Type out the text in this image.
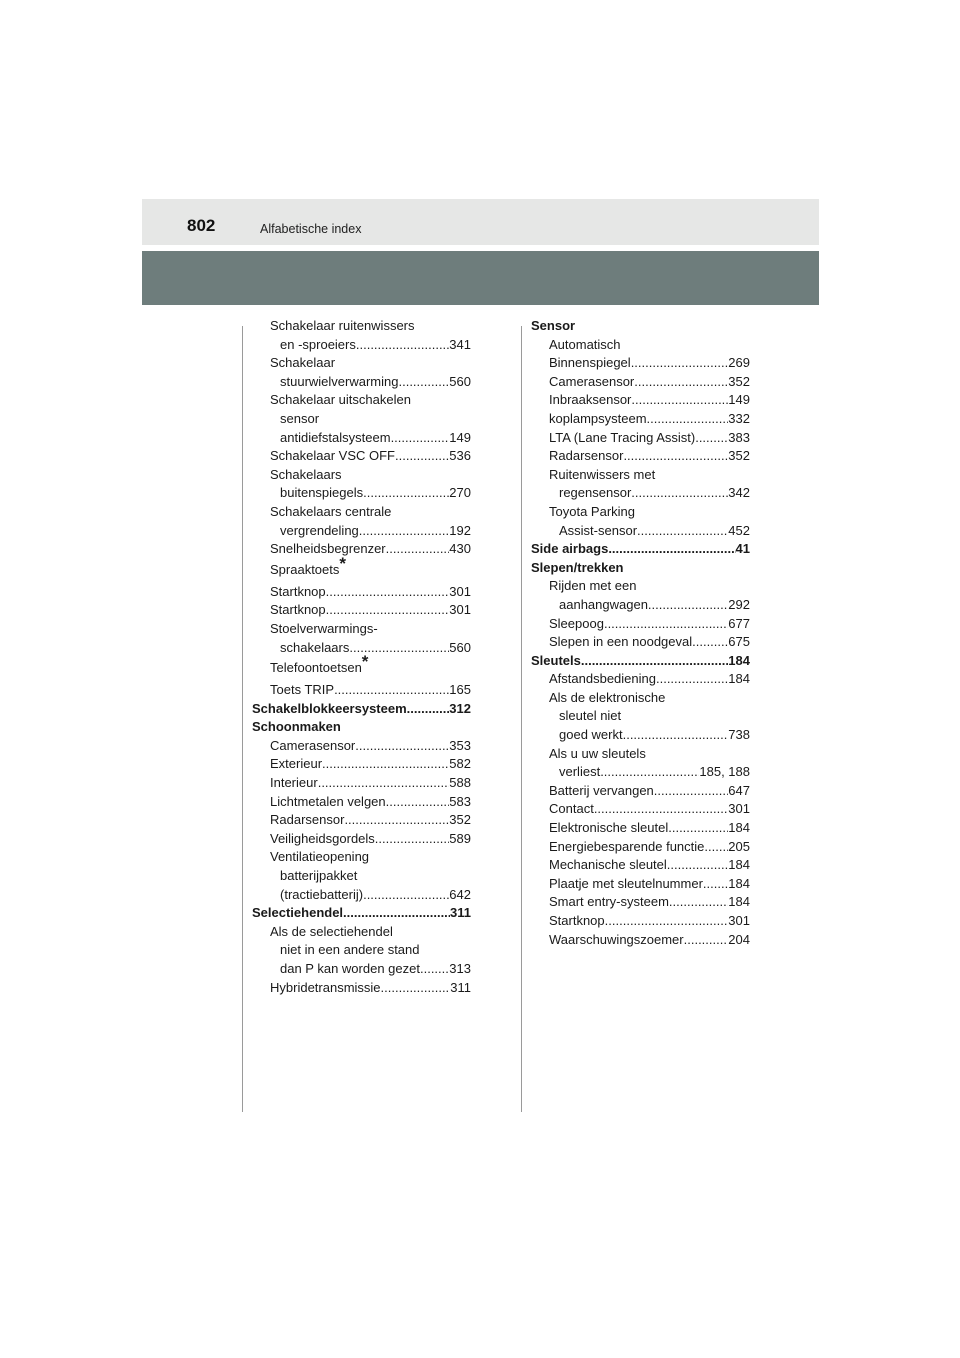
802	Alfabetische index
Schakelaar ruitenwissers
en -sproeiers .....	341
Schakelaar
stuurwielverwarming .....	560
Schakelaar uitschakelen
sensor
antidiefstalsysteem .....	149
Schakelaar VSC OFF .....	536
Schakelaars
buitenspiegels .....	270
Schakelaars centrale
vergrendeling .....	192
Snelheidsbegrenzer .....	430
Spraaktoets*
Startknop .....	301
Startknop .....	301
Stoelverwarmings-
schakelaars .....	560
Telefoontoetsen*
Toets TRIP .....	165
Schakelblokkeersysteem .....	312
Schoonmaken
Camerasensor .....	353
Exterieur .....	582
Interieur .....	588
Lichtmetalen velgen .....	583
Radarsensor .....	352
Veiligheidsgordels .....	589
Ventilatieopening
batterijpakket
(tractiebatterij) .....	642
Selectiehendel .....	311
Als de selectiehendel
niet in een andere stand
dan P kan worden gezet ..... 313
Hybridetransmissie .....	311
Sensor
Automatisch
Binnenspiegel .....	269
Camerasensor .....	352
Inbraaksensor .....	149
koplampsysteem .....	332
LTA (Lane Tracing Assist) .....	383
Radarsensor .....	352
Ruitenwissers met
regensensor .....	342
Toyota Parking
Assist-sensor .....	452
Side airbags .....	41
Slepen/trekken
Rijden met een
aanhangwagen .....	292
Sleepoog .....	677
Slepen in een noodgeval .....	675
Sleutels .....	184
Afstandsbediening .....	184
Als de elektronische
sleutel niet
goed werkt .....	738
Als u uw sleutels
verliest .....	185, 188
Batterij vervangen .....	647
Contact .....	301
Elektronische sleutel .....	184
Energiebesparende functie ..... 205
Mechanische sleutel .....	184
Plaatje met sleutelnummer ..... 184
Smart entry-systeem .....	184
Startknop .....	301
Waarschuwingszoemer .....	204
